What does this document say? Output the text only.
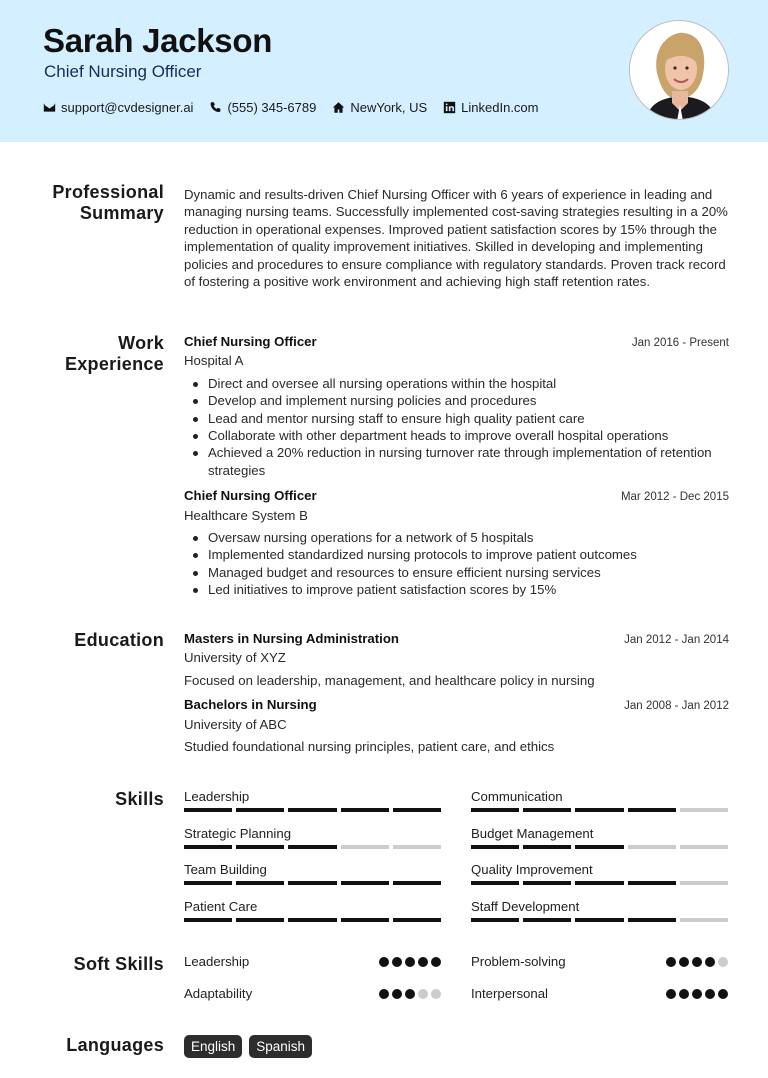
Sarah Jackson
Chief Nursing Officer
support@cvdesigner.ai	(555) 345-6789	NewYork, US	LinkedIn.com
Professional
Summary
Dynamic and results-driven Chief Nursing Officer with 6 years of experience in leading and managing nursing teams. Successfully implemented cost-saving strategies resulting in a 20% reduction in operational expenses. Improved patient satisfaction scores by 15% through the implementation of quality improvement initiatives. Skilled in developing and implementing policies and procedures to ensure compliance with regulatory standards. Proven track record of fostering a positive work environment and achieving high staff retention rates.
Work
Experience
Chief Nursing Officer	Jan 2016 - Present
Hospital A
Direct and oversee all nursing operations within the hospital
Develop and implement nursing policies and procedures
Lead and mentor nursing staff to ensure high quality patient care
Collaborate with other department heads to improve overall hospital operations
Achieved a 20% reduction in nursing turnover rate through implementation of retention strategies
Chief Nursing Officer	Mar 2012 - Dec 2015
Healthcare System B
Oversaw nursing operations for a network of 5 hospitals
Implemented standardized nursing protocols to improve patient outcomes
Managed budget and resources to ensure efficient nursing services
Led initiatives to improve patient satisfaction scores by 15%
Education Masters in Nursing Administration	Jan 2012 - Jan 2014
University of XYZ
Focused on leadership, management, and healthcare policy in nursing
Bachelors in Nursing	Jan 2008 - Jan 2012
University of ABC
Studied foundational nursing principles, patient care, and ethics
Skills Leadership	Communication
Strategic Planning	Budget Management
Team Building	Quality Improvement
Patient Care	Staff Development
Soft Skills Leadership	Problem-solving
Adaptability	Interpersonal
Languages	English	Spanish
